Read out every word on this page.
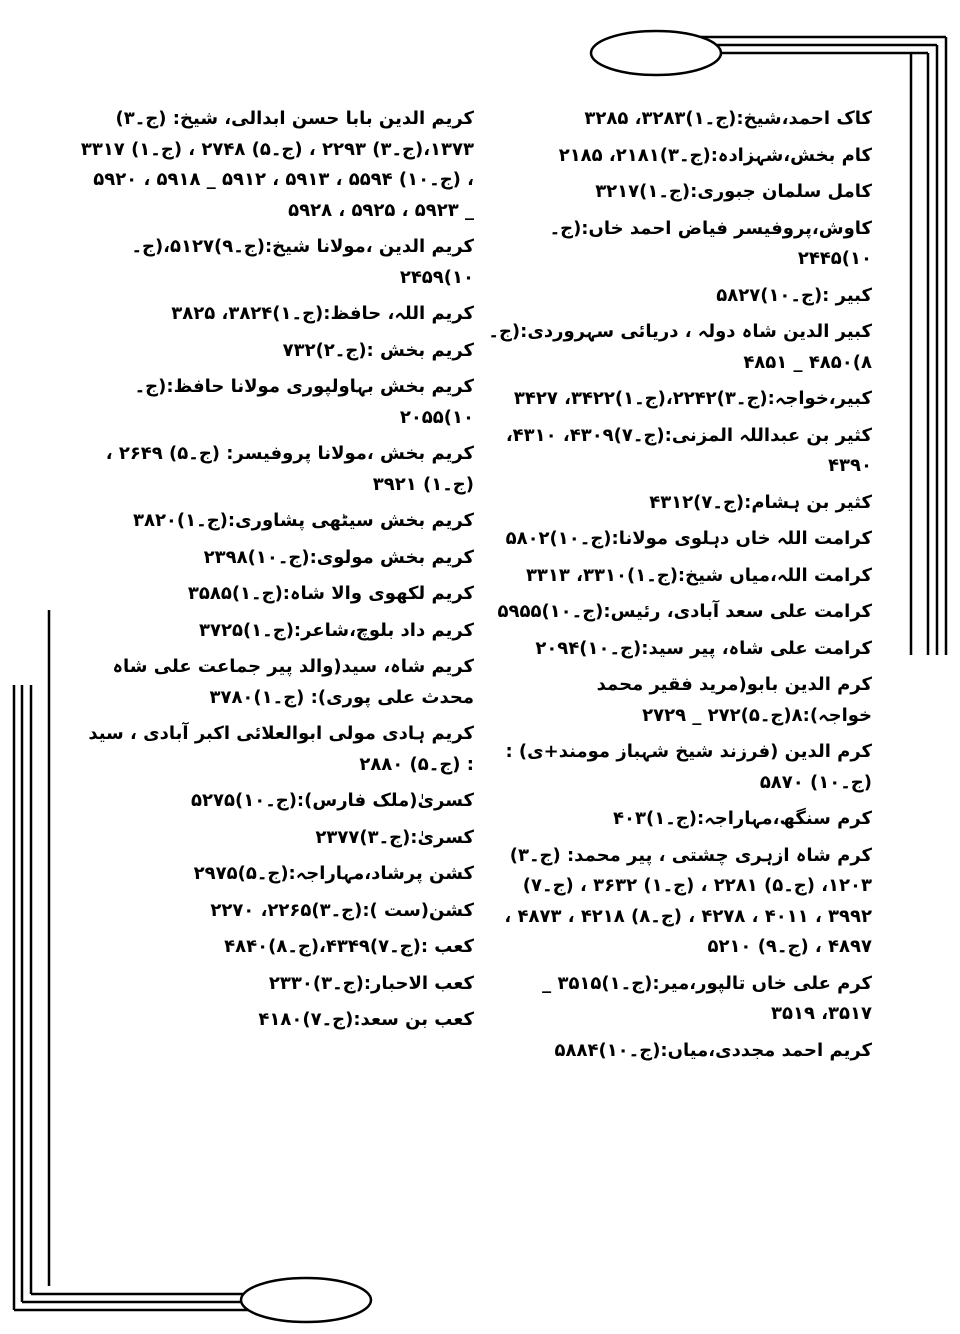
کاک احمد،شیخ:(ج۔۱)۳۲۸۳، ۳۲۸۵
کام بخش،شہزادہ:(ج۔۳)۲۱۸۱، ۲۱۸۵
کامل سلمان جبوری:(ج۔۱)۳۲۱۷
کاوش،پروفیسر فیاض احمد خاں:(ج۔۱۰)۲۴۴۵
کبیر :(ج۔۱۰)۵۸۲۷
کبیر الدین شاہ دولہ ، دریائی سہروردی:(ج۔۸)۴۸۵۰ _ ۴۸۵۱
کبیر،خواجہ:(ج۔۳)۲۲۴۲،(ج۔۱)۳۴۲۲، ۳۴۲۷
کثیر بن عبداللہ المزنی:(ج۔۷)۴۳۰۹، ۴۳۱۰، ۴۳۹۰
کثیر بن ہشام:(ج۔۷)۴۳۱۲
کرامت اللہ خاں دہلوی مولانا:(ج۔۱۰)۵۸۰۲
کرامت اللہ،میاں شیخ:(ج۔۱)۳۳۱۰، ۳۳۱۳
کرامت علی سعد آبادی، رئیس:(ج۔۱۰)۵۹۵۵
کرامت علی شاہ، پیر سید:(ج۔۱۰)۲۰۹۴
کرم الدین بابو(مرید فقیر محمد خواجہ):۸(ج۔۵)۲۷۲ _ ۲۷۲۹
کرم الدین (فرزند شیخ شہباز مومند+ی) : (ج۔۱۰) ۵۸۷۰
کرم سنگھ،مہاراجہ:(ج۔۱)۴۰۳
کرم شاہ ازہری چشتی ، پیر محمد: (ج۔۳) ۱۲۰۳، (ج۔۵) ۲۲۸۱ ، (ج۔۱) ۳۶۳۲ ، (ج۔۷) ۳۹۹۲ ، ۴۰۱۱ ، ۴۲۷۸ ، (ج۔۸) ۴۲۱۸ ، ۴۸۷۳ ، ۴۸۹۷ ، (ج۔۹) ۵۲۱۰
کرم علی خاں تالپور،میر:(ج۔۱)۳۵۱۵ _ ۳۵۱۷، ۳۵۱۹
کریم احمد مجددی،میاں:(ج۔۱۰)۵۸۸۴
کریم الدین بابا حسن ابدالی، شیخ: (ج۔۳) ۱۳۷۳،(ج۔۳) ۲۲۹۳ ، (ج۔۵) ۲۷۴۸ ، (ج۔۱) ۳۳۱۷ ، (ج۔۱۰) ۵۵۹۴ ، ۵۹۱۳ ، ۵۹۱۲ _ ۵۹۱۸ ، ۵۹۲۰ _ ۵۹۲۳ ، ۵۹۲۵ ، ۵۹۲۸
کریم الدین ،مولانا شیخ:(ج۔۹)۵۱۲۷،(ج۔۱۰)۲۴۵۹
کریم اللہ، حافظ:(ج۔۱)۳۸۲۴، ۳۸۲۵
کریم بخش :(ج۔۲)۷۳۲
کریم بخش بہاولپوری مولانا حافظ:(ج۔۱۰)۲۰۵۵
کریم بخش ،مولانا پروفیسر: (ج۔۵) ۲۶۴۹ ، (ج۔۱) ۳۹۲۱
کریم بخش سیٹھی پشاوری:(ج۔۱)۳۸۲۰
کریم بخش مولوی:(ج۔۱۰)۲۳۹۸
کریم لکھوی والا شاہ:(ج۔۱)۳۵۸۵
کریم داد بلوچ،شاعر:(ج۔۱)۳۷۲۵
کریم شاہ، سید(والد پیر جماعت علی شاہ محدث علی پوری): (ج۔۱)۳۷۸۰
کریم ہادی مولی ابوالعلائی اکبر آبادی ، سید : (ج۔۵) ۲۸۸۰
کسریٰ(ملک فارس):(ج۔۱۰)۵۲۷۵
کسریٰ:(ج۔۳)۲۳۷۷
کشن پرشاد،مہاراجہ:(ج۔۵)۲۹۷۵
کشن(ست ):(ج۔۳)۲۲۶۵، ۲۲۷۰
کعب :(ج۔۷)۴۳۴۹،(ج۔۸)۴۸۴۰
کعب الاحبار:(ج۔۳)۲۳۳۰
کعب بن سعد:(ج۔۷)۴۱۸۰
